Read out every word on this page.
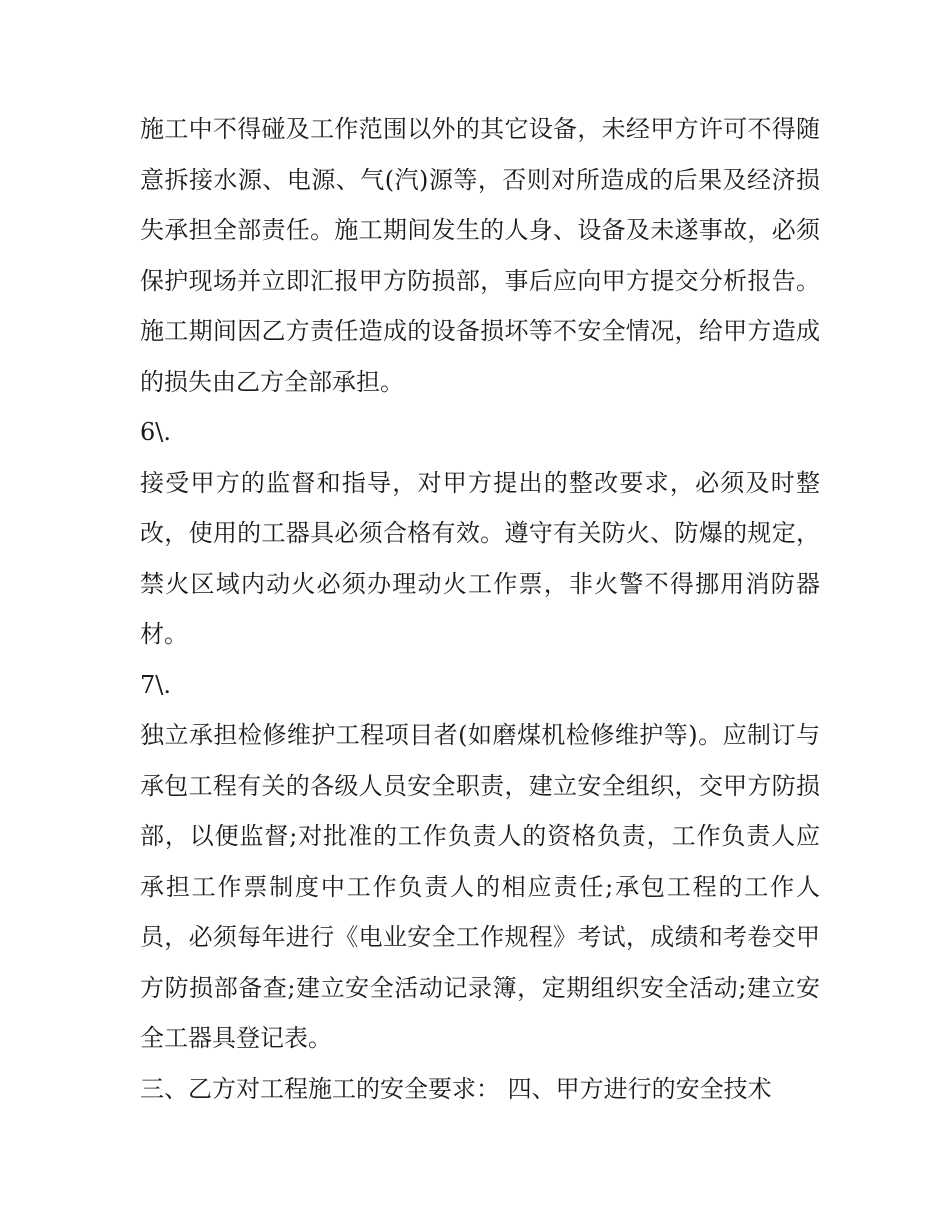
施工中不得碰及工作范围以外的其它设备，未经甲方许可不得随意拆接水源、电源、气(汽)源等，否则对所造成的后果及经济损失承担全部责任。施工期间发生的人身、设备及未遂事故，必须保护现场并立即汇报甲方防损部，事后应向甲方提交分析报告。施工期间因乙方责任造成的设备损坏等不安全情况，给甲方造成的损失由乙方全部承担。

6\.

接受甲方的监督和指导，对甲方提出的整改要求，必须及时整改，使用的工器具必须合格有效。遵守有关防火、防爆的规定，禁火区域内动火必须办理动火工作票，非火警不得挪用消防器材。

7\.

独立承担检修维护工程项目者(如磨煤机检修维护等)。应制订与承包工程有关的各级人员安全职责，建立安全组织，交甲方防损部，以便监督;对批准的工作负责人的资格负责，工作负责人应承担工作票制度中工作负责人的相应责任;承包工程的工作人员，必须每年进行《电业安全工作规程》考试，成绩和考卷交甲方防损部备查;建立安全活动记录簿，定期组织安全活动;建立安全工器具登记表。

三、乙方对工程施工的安全要求： 四、甲方进行的安全技术
